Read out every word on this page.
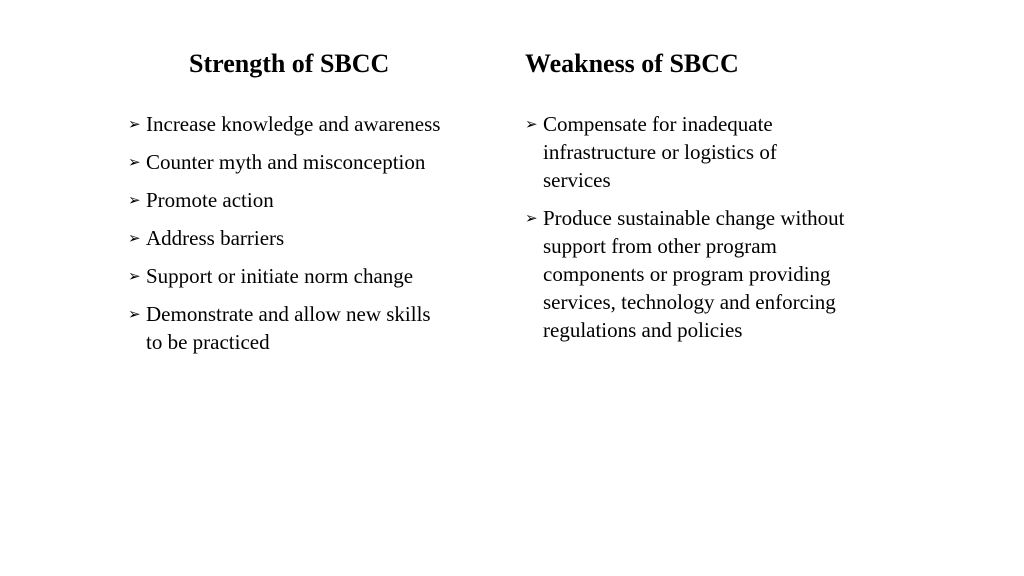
Strength of SBCC	Weakness of SBCC
➢ Increase knowledge and awareness
➢ Counter myth and misconception
➢ Promote action
➢ Address barriers
➢ Support or initiate norm change
➢ Demonstrate and allow new skills to be practiced
➢ Compensate for inadequate infrastructure or logistics of services
➢ Produce sustainable change without support from other program components or program providing services, technology and enforcing regulations and policies
